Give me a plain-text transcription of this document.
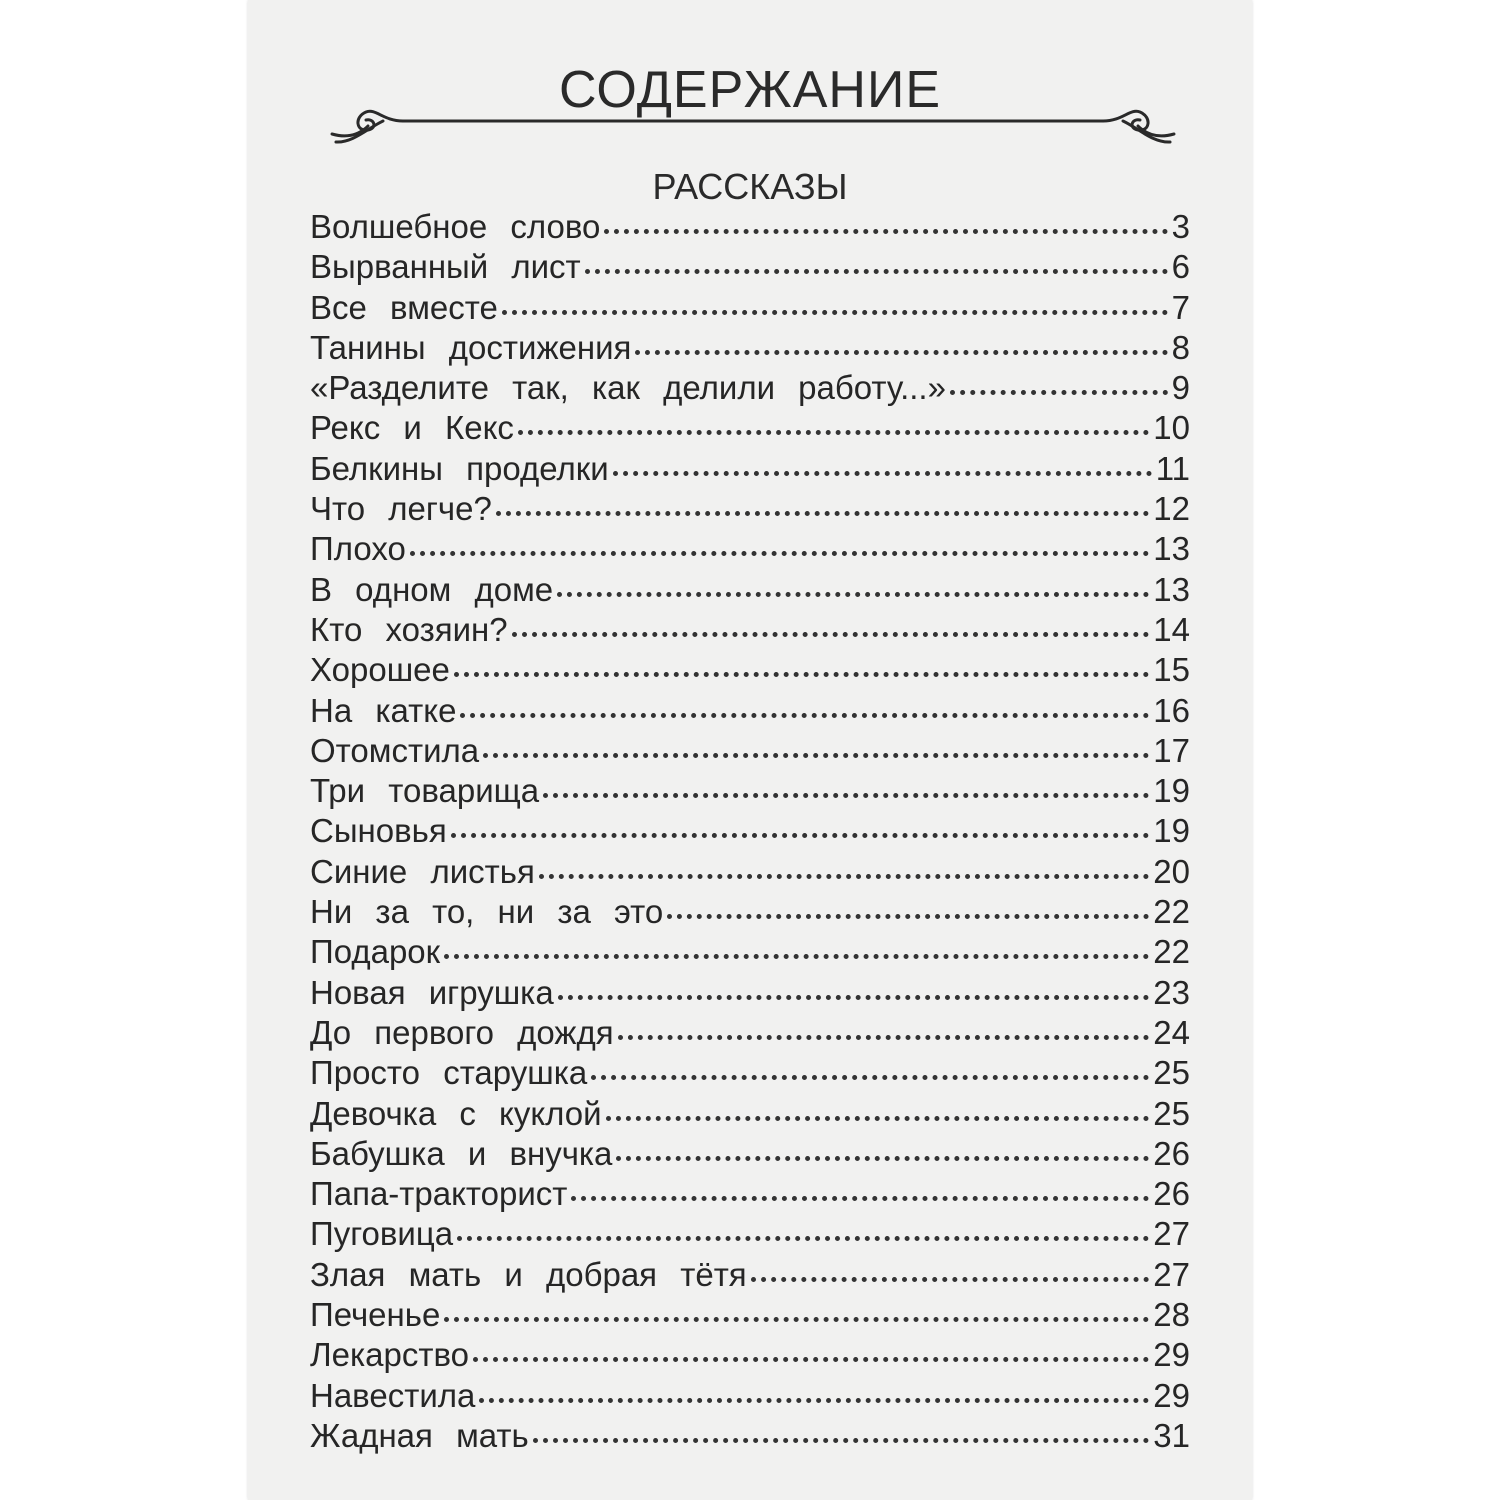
СОДЕРЖАНИЕ
РАССКАЗЫ
Волшебное слово	3
Вырванный лист	6
Все вместе	7
Танины достижения	8
«Разделите так, как делили работу...»	9
Рекс и Кекс	10
Белкины проделки	11
Что легче?	12
Плохо	13
В одном доме	13
Кто хозяин?	14
Хорошее	15
На катке	16
Отомстила	17
Три товарища	19
Сыновья	19
Синие листья	20
Ни за то, ни за это	22
Подарок	22
Новая игрушка	23
До первого дождя	24
Просто старушка	25
Девочка с куклой	25
Бабушка и внучка	26
Папа-тракторист	26
Пуговица	27
Злая мать и добрая тётя	27
Печенье	28
Лекарство	29
Навестила	29
Жадная мать	31
